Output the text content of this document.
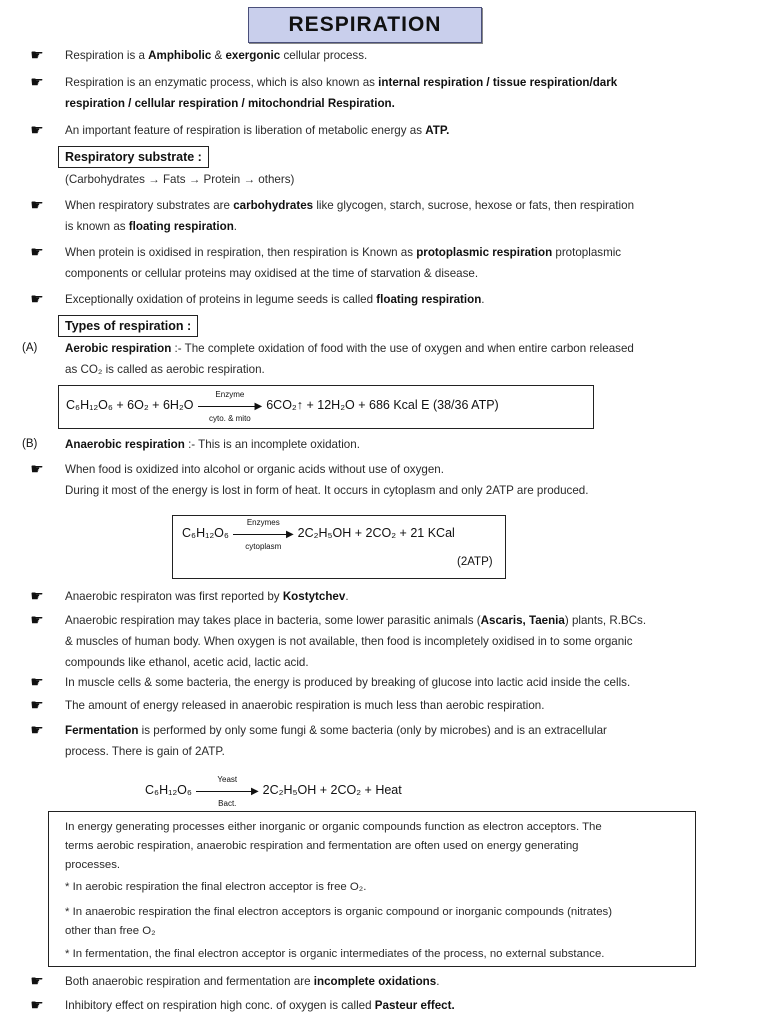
RESPIRATION
☛	Respiration is a Amphibolic & exergonic cellular process.
☛	Respiration is an enzymatic process, which is also known as internal respiration / tissue respiration/dark
respiration / cellular respiration / mitochondrial Respiration.
☛	An important feature of respiration is liberation of metabolic energy as ATP.
Respiratory substrate :
(Carbohydrates → Fats → Protein → others)
☛	When respiratory substrates are carbohydrates like glycogen, starch, sucrose, hexose or fats, then respiration
is known as floating respiration.
☛	When protein is oxidised in respiration, then respiration is Known as protoplasmic respiration protoplasmic
components or cellular proteins may oxidised at the time of starvation & disease.
☛	Exceptionally oxidation of proteins in legume seeds is called floating respiration.
Types of respiration :
(A) Aerobic respiration :- The complete oxidation of food with the use of oxygen and when entire carbon released
as CO₂ is called as aerobic respiration.
C₆H₁₂O₆ + 6O₂ + 6H₂O
Enzyme
▶
cyto. & mito
6CO₂↑ + 12H₂O + 686 Kcal E (38/36 ATP)
(B) Anaerobic respiration :- This is an incomplete oxidation.
☛	When food is oxidized into alcohol or organic acids without use of oxygen.
During it most of the energy is lost in form of heat. It occurs in cytoplasm and only 2ATP are produced.
C₆H₁₂O₆
Enzymes
▶
cytoplasm
2C₂H₅OH + 2CO₂ + 21 KCal
(2ATP)
☛	Anaerobic respiraton was first reported by Kostytchev.
☛	Anaerobic respiration may takes place in bacteria, some lower parasitic animals (Ascaris, Taenia) plants, R.BCs.
& muscles of human body. When oxygen is not available, then food is incompletely oxidised in to some organic
compounds like ethanol, acetic acid, lactic acid.
☛	In muscle cells & some bacteria, the energy is produced by breaking of glucose into lactic acid inside the cells.
☛	The amount of energy released in anaerobic respiration is much less than aerobic respiration.
☛	Fermentation is performed by only some fungi & some bacteria (only by microbes) and is an extracellular
process. There is gain of 2ATP.
C₆H₁₂O₆
Yeast
▶
Bact.
2C₂H₅OH + 2CO₂ + Heat
In energy generating processes either inorganic or organic compounds function as electron acceptors. The
terms aerobic respiration, anaerobic respiration and fermentation are often used on energy generating
processes.
* In aerobic respiration the final electron acceptor is free O₂.
* In anaerobic respiration the final electron acceptors is organic compound or inorganic compounds (nitrates)
other than free O₂
* In fermentation, the final electron acceptor is organic intermediates of the process, no external substance.
☛	Both anaerobic respiration and fermentation are incomplete oxidations.
☛	Inhibitory effect on respiration high conc. of oxygen is called Pasteur effect.
